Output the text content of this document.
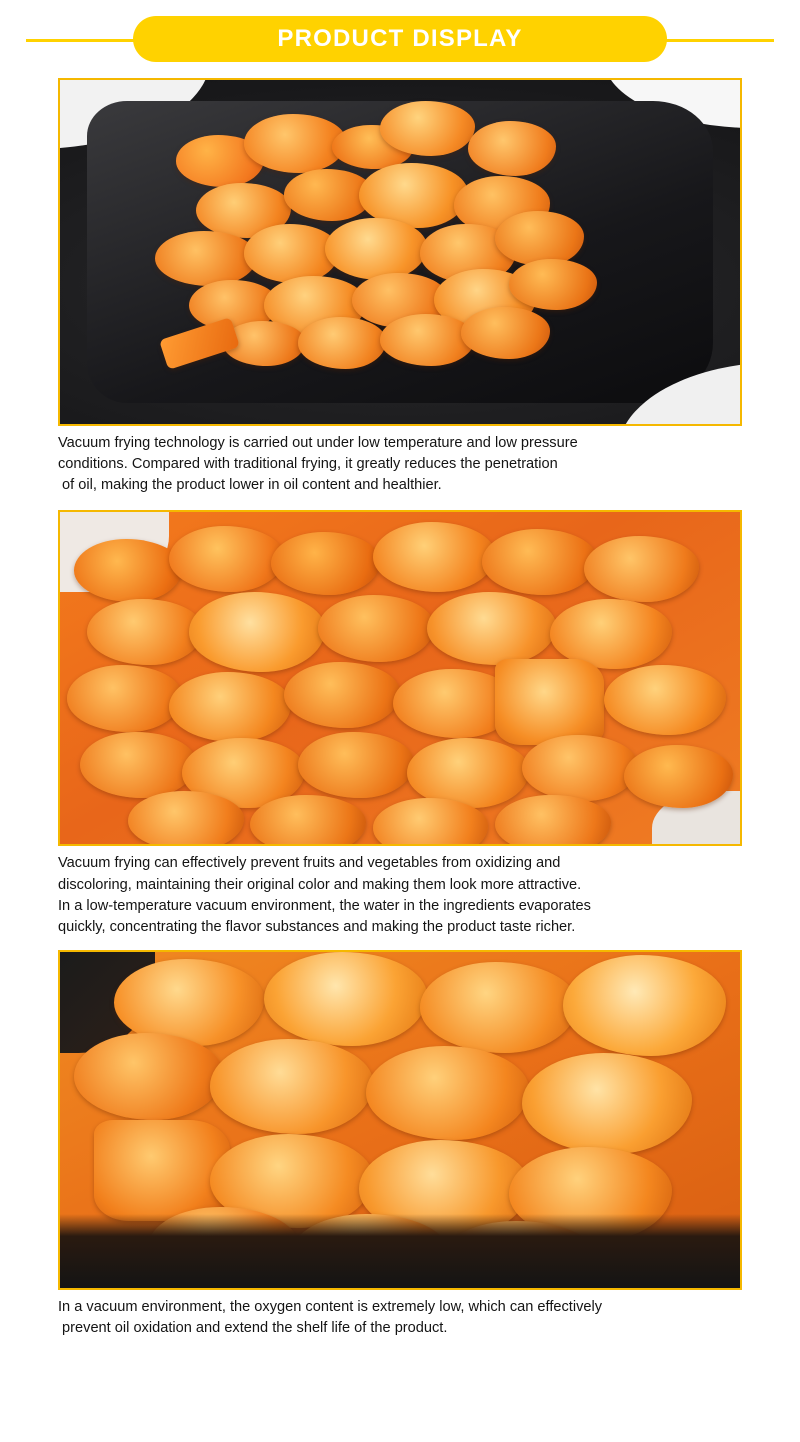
PRODUCT DISPLAY
Vacuum frying technology is carried out under low temperature and low pressure
conditions. Compared with traditional frying, it greatly reduces the penetration
of oil, making the product lower in oil content and healthier.
Vacuum frying can effectively prevent fruits and vegetables from oxidizing and
discoloring, maintaining their original color and making them look more attractive.
In a low-temperature vacuum environment, the water in the ingredients evaporates
quickly, concentrating the flavor substances and making the product taste richer.
In a vacuum environment, the oxygen content is extremely low, which can effectively
prevent oil oxidation and extend the shelf life of the product.
